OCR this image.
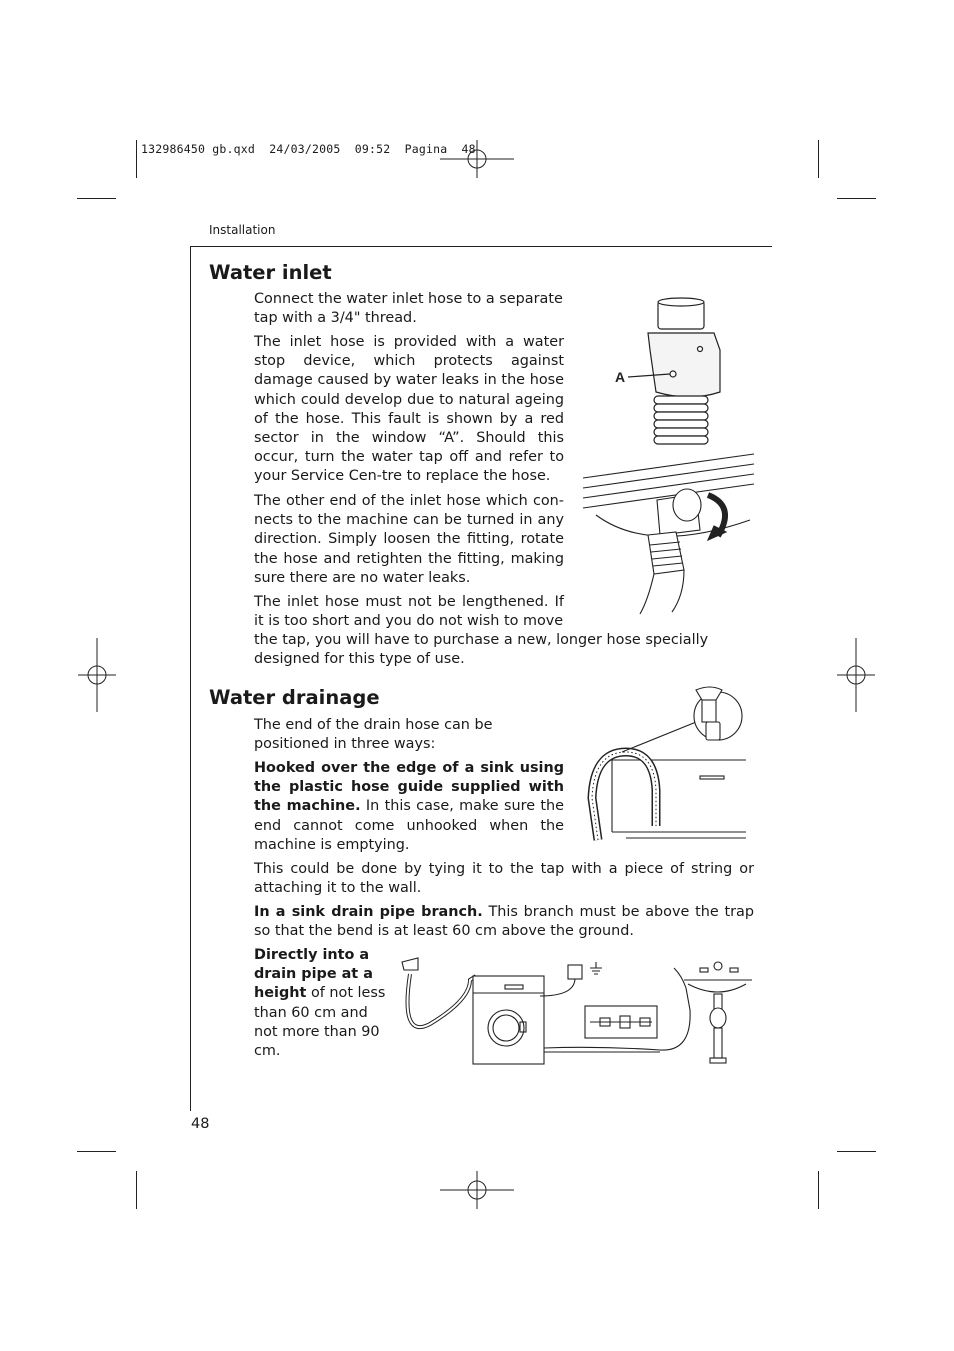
132986450 gb.qxd  24/03/2005  09:52  Pagina  48
Installation
Water inlet
Connect the water inlet hose to a separate tap with a 3/4" thread.
The inlet hose is provided with a water stop device, which protects against damage caused by water leaks in the hose which could develop due to natural ageing of the hose. This fault is shown by a red sector in the window “A”. Should this occur, turn the water tap off and refer to your Service Cen-tre to replace the hose.
The other end of the inlet hose which con-nects to the machine can be turned in any direction. Simply loosen the fitting, rotate the hose and retighten the fitting, making sure there are no water leaks.
The inlet hose must not be lengthened. If it is too short and you do not wish to move
the tap, you will have to purchase a new, longer hose specially designed for this type of use.
A
Water drainage
The end of the drain hose can be positioned in three ways:
Hooked over the edge of a sink using the plastic hose guide supplied with the machine. In this case, make sure the end cannot come unhooked when the machine is emptying.
This could be done by tying it to the tap with a piece of string or attaching it to the wall.
In a sink drain pipe branch. This branch must be above the trap so that the bend is at least 60 cm above the ground.
Directly into a drain pipe at a height of not less than 60 cm and not more than 90 cm.
48
